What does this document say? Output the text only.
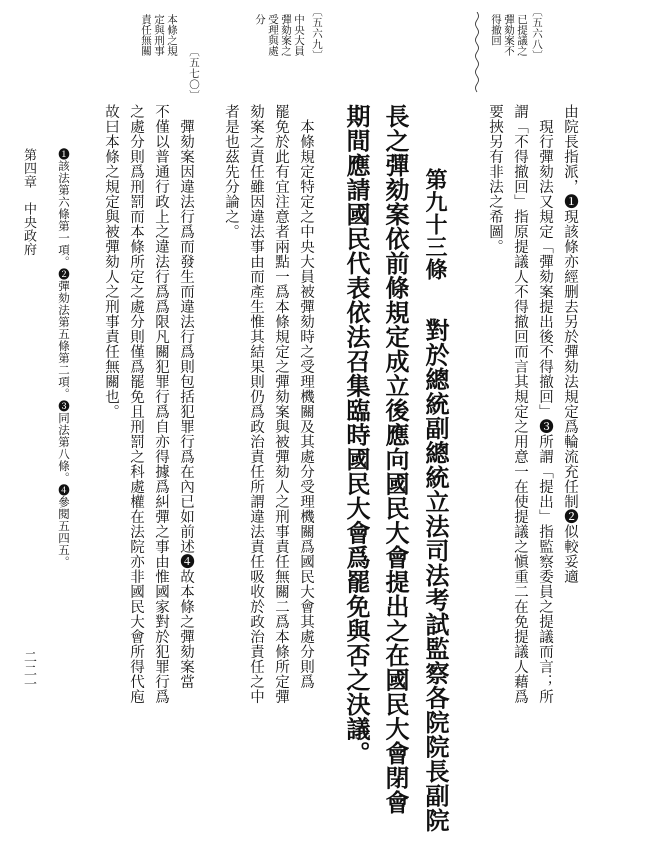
〔五六八〕
已提議之
彈劾案不
得撤回
〔五六九〕
中央大員
彈劾案之
受理與處
分
〔五七〇〕
本條之規
定與刑事
責任無關
由院長指派，❶現該條亦經删去另於彈劾法規定爲輪流充任制❷似較妥適
　現行彈劾法又規定「彈劾案提出後不得撤回」❸所謂「提出」指監察委員之提議而言；所
謂「不得撤回」指原提議人不得撤回而言其規定之用意一在使提議之愼重二在免提議人藉爲
要挾另有非法之希圖。
第九十三條
對於總統副總統立法司法考試監察各院院長副院
長之彈劾案依前條規定成立後應向國民大會提出之在國民大會閉會
期間應請國民代表依法召集臨時國民大會爲罷免與否之決議。
　本條規定特定之中央大員被彈劾時之受理機關及其處分受理機關爲國民大會其處分則爲
罷免於此有宜注意者兩點一爲本條規定之彈劾案與被彈劾人之刑事責任無關二爲本條所定彈
劾案之責任雖因違法事由而產生惟其結果則仍爲政治責任所謂違法責任吸收於政治責任之中
者是也茲先分論之。
　彈劾案因違法行爲而發生而違法行爲則包括犯罪行爲在內已如前述❹故本條之彈劾案當
不僅以普通行政上之違法行爲爲限凡關犯罪行爲自亦得據爲糾彈之事由惟國家對於犯罪行爲
之處分則爲刑罰而本條所定之處分則僅爲罷免且刑罰之科處權在法院亦非國民大會所得代庖
故曰本條之規定與被彈劾人之刑事責任無關也。
❶該法第六條第一項。❷彈劾法第五條第二項。❸同法第八條。❹參閱五四五。
第四章　中央政府
二二一
